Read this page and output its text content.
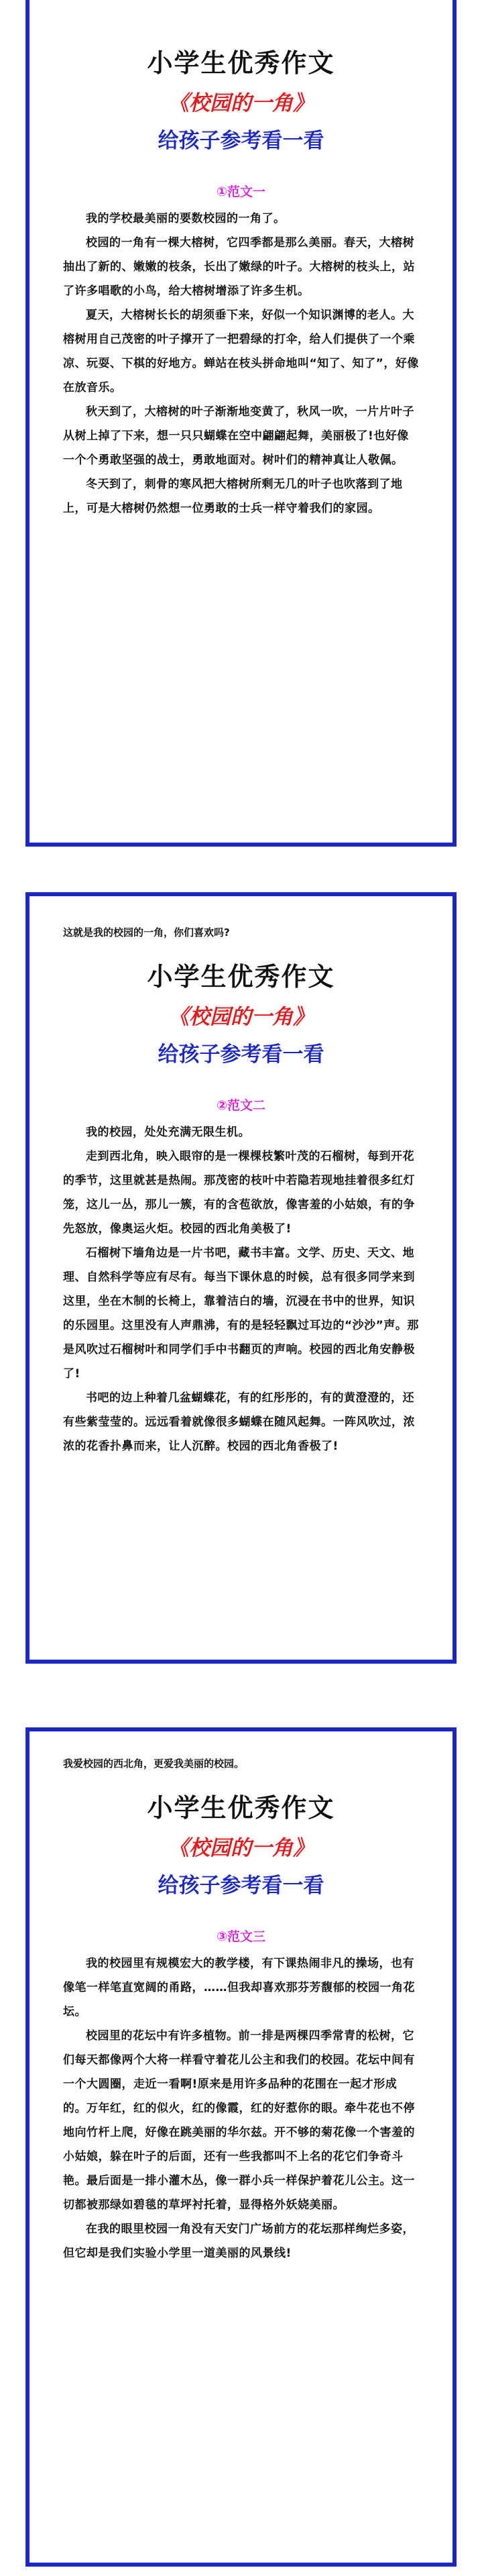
小学生优秀作文
《校园的一角》
给孩子参考看一看
①范文一

我的学校最美丽的要数校园的一角了。

校园的一角有一棵大榕树，它四季都是那么美丽。春天，大榕树抽出了新的、嫩嫩的枝条，长出了嫩绿的叶子。大榕树的枝头上，站了许多唱歌的小鸟，给大榕树增添了许多生机。

夏天，大榕树长长的胡须垂下来，好似一个知识渊博的老人。大榕树用自己茂密的叶子撑开了一把碧绿的打伞，给人们提供了一个乘凉、玩耍、下棋的好地方。蝉站在枝头拼命地叫“知了、知了”，好像在放音乐。

秋天到了，大榕树的叶子渐渐地变黄了，秋风一吹，一片片叶子从树上掉了下来，想一只只蝴蝶在空中翩翩起舞，美丽极了!也好像一个个勇敢坚强的战士，勇敢地面对。树叶们的精神真让人敬佩。

冬天到了，刺骨的寒风把大榕树所剩无几的叶子也吹落到了地上，可是大榕树仍然想一位勇敢的士兵一样守着我们的家园。

这就是我的校园的一角，你们喜欢吗?

小学生优秀作文
《校园的一角》
给孩子参考看一看
②范文二

我的校园，处处充满无限生机。

走到西北角，映入眼帘的是一棵棵枝繁叶茂的石榴树，每到开花的季节，这里就甚是热闹。那茂密的枝叶中若隐若现地挂着很多红灯笼，这儿一丛，那儿一簇，有的含苞欲放，像害羞的小姑娘，有的争先怒放，像奥运火炬。校园的西北角美极了!

石榴树下墙角边是一片书吧，藏书丰富。文学、历史、天文、地理、自然科学等应有尽有。每当下课休息的时候，总有很多同学来到这里，坐在木制的长椅上，靠着洁白的墙，沉浸在书中的世界，知识的乐园里。这里没有人声鼎沸，有的是轻轻飘过耳边的“沙沙”声。那是风吹过石榴树叶和同学们手中书翻页的声响。校园的西北角安静极了!

书吧的边上种着几盆蝴蝶花，有的红彤彤的，有的黄澄澄的，还有些紫莹莹的。远远看着就像很多蝴蝶在随风起舞。一阵风吹过，浓浓的花香扑鼻而来，让人沉醉。校园的西北角香极了!

我爱校园的西北角，更爱我美丽的校园。

小学生优秀作文
《校园的一角》
给孩子参考看一看
③范文三

我的校园里有规模宏大的教学楼，有下课热闹非凡的操场，也有像笔一样笔直宽阔的甬路，……但我却喜欢那芬芳馥郁的校园一角花坛。

校园里的花坛中有许多植物。前一排是两棵四季常青的松树，它们每天都像两个大将一样看守着花儿公主和我们的校园。花坛中间有一个大圆圈，走近一看啊!原来是用许多品种的花围在一起才形成的。万年红，红的似火，红的像霞，红的好惹你的眼。牵牛花也不停地向竹杆上爬，好像在跳美丽的华尔兹。开不够的菊花像一个害羞的小姑娘，躲在叶子的后面，还有一些我都叫不上名的花它们争奇斗艳。最后面是一排小灌木丛，像一群小兵一样保护着花儿公主。这一切都被那绿如碧毯的草坪衬托着，显得格外妖娆美丽。

在我的眼里校园一角没有天安门广场前方的花坛那样绚烂多姿，但它却是我们实验小学里一道美丽的风景线!
